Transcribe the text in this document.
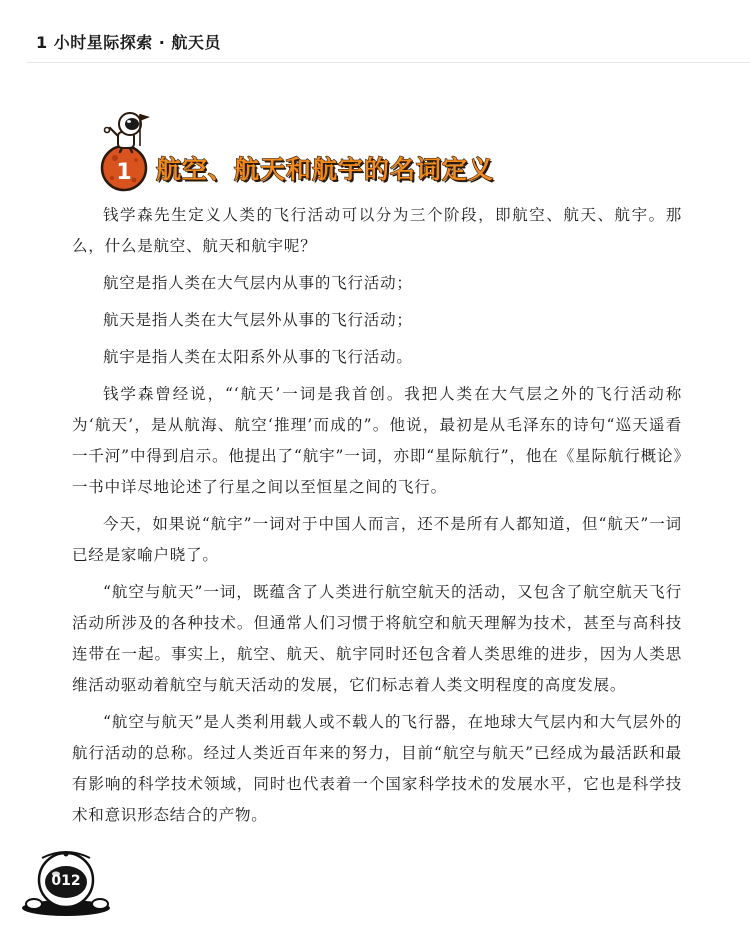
1 小时星际探索 · 航天员
1 航空、航天和航宇的名词定义

钱学森先生定义人类的飞行活动可以分为三个阶段，即航空、航天、航宇。那么，什么是航空、航天和航宇呢？

航空是指人类在大气层内从事的飞行活动；

航天是指人类在大气层外从事的飞行活动；

航宇是指人类在太阳系外从事的飞行活动。

钱学森曾经说，“‘航天’一词是我首创。我把人类在大气层之外的飞行活动称为‘航天’，是从航海、航空‘推理’而成的”。他说，最初是从毛泽东的诗句“巡天遥看一千河”中得到启示。他提出了“航宇”一词，亦即“星际航行”，他在《星际航行概论》一书中详尽地论述了行星之间以至恒星之间的飞行。

今天，如果说“航宇”一词对于中国人而言，还不是所有人都知道，但“航天”一词已经是家喻户晓了。

“航空与航天”一词，既蕴含了人类进行航空航天的活动，又包含了航空航天飞行活动所涉及的各种技术。但通常人们习惯于将航空和航天理解为技术，甚至与高科技连带在一起。事实上，航空、航天、航宇同时还包含着人类思维的进步，因为人类思维活动驱动着航空与航天活动的发展，它们标志着人类文明程度的高度发展。

“航空与航天”是人类利用载人或不载人的飞行器，在地球大气层内和大气层外的航行活动的总称。经过人类近百年来的努力，目前“航空与航天”已经成为最活跃和最有影响的科学技术领域，同时也代表着一个国家科学技术的发展水平，它也是科学技术和意识形态结合的产物。

012
